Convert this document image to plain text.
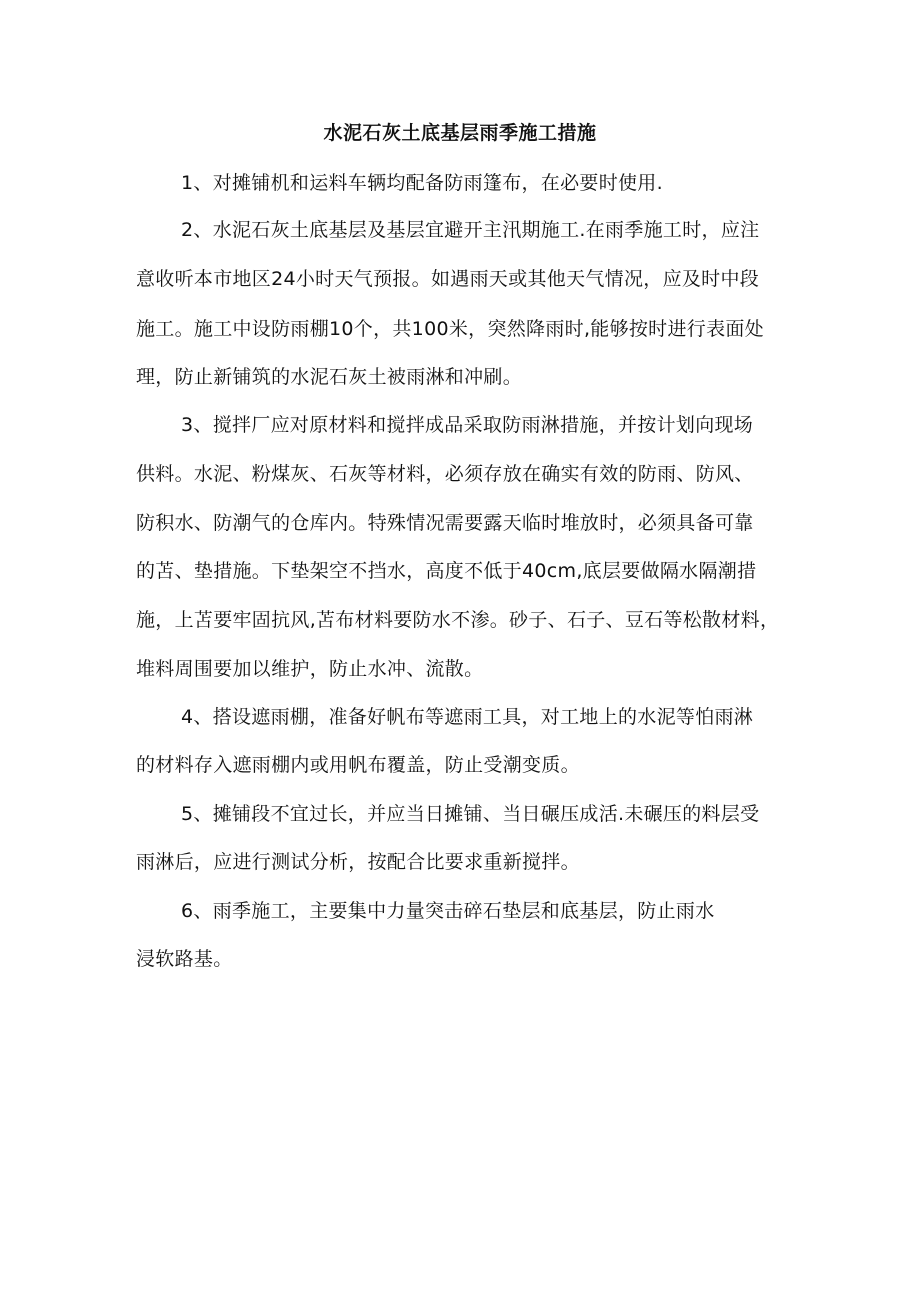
水泥石灰土底基层雨季施工措施
1、对摊铺机和运料车辆均配备防雨篷布，在必要时使用.
2、水泥石灰土底基层及基层宜避开主汛期施工.在雨季施工时，应注
意收听本市地区24小时天气预报。如遇雨天或其他天气情况，应及时中段
施工。施工中设防雨棚10个，共100米，突然降雨时,能够按时进行表面处
理，防止新铺筑的水泥石灰土被雨淋和冲刷。
3、搅拌厂应对原材料和搅拌成品采取防雨淋措施，并按计划向现场
供料。水泥、粉煤灰、石灰等材料，必须存放在确实有效的防雨、防风、
防积水、防潮气的仓库内。特殊情况需要露天临时堆放时，必须具备可靠
的苫、垫措施。下垫架空不挡水，高度不低于40cm,底层要做隔水隔潮措
施，上苫要牢固抗风,苫布材料要防水不渗。砂子、石子、豆石等松散材料，
堆料周围要加以维护，防止水冲、流散。
4、搭设遮雨棚，准备好帆布等遮雨工具，对工地上的水泥等怕雨淋
的材料存入遮雨棚内或用帆布覆盖，防止受潮变质。
5、摊铺段不宜过长，并应当日摊铺、当日碾压成活.未碾压的料层受
雨淋后，应进行测试分析，按配合比要求重新搅拌。
6、雨季施工，主要集中力量突击碎石垫层和底基层，防止雨水
浸软路基。
